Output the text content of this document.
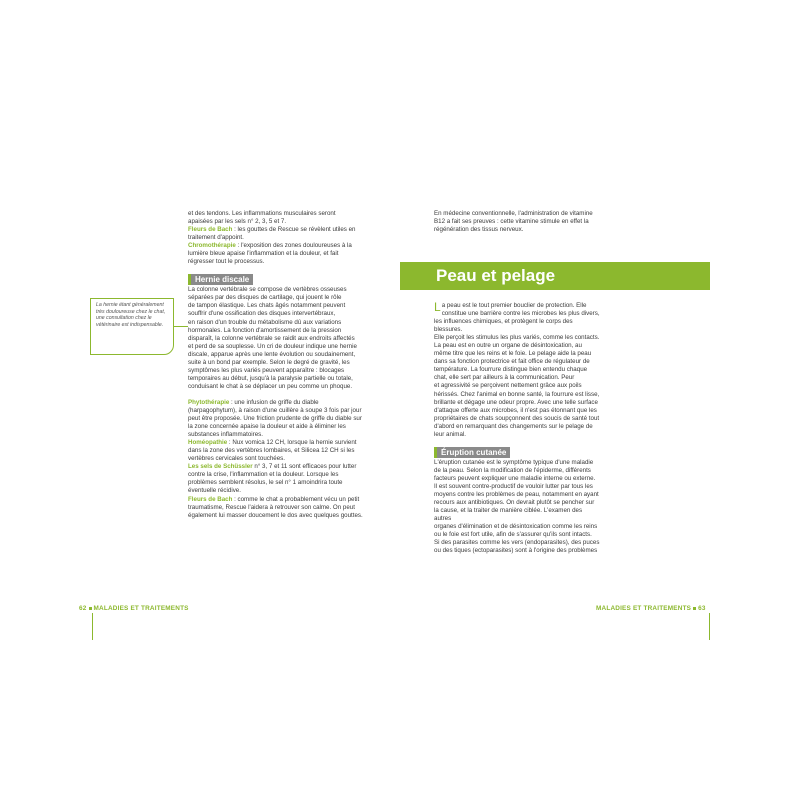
et des tendons. Les inflammations musculaires seront

apaisées par les sels n° 2, 3, 5 et 7.

Fleurs de Bach : les gouttes de Rescue se révèlent utiles en traitement d'appoint.

Chromothérapie : l'exposition des zones douloureuses à la lumière bleue apaise l'inflammation et la douleur, et fait régresser tout le processus.

Hernie discale

La colonne vertébrale se compose de vertèbres osseuses

séparées par des disques de cartilage, qui jouent le rôle

de tampon élastique. Les chats âgés notamment peuvent

souffrir d'une ossification des disques intervertébraux,

en raison d'un trouble du métabolisme dû aux variations

hormonales. La fonction d'amortissement de la pression

disparaît, la colonne vertébrale se raidit aux endroits affectés

et perd de sa souplesse. Un cri de douleur indique une hernie

discale, apparue après une lente évolution ou soudainement,

suite à un bond par exemple. Selon le degré de gravité, les

symptômes les plus variés peuvent apparaître : blocages

temporaires au début, jusqu'à la paralysie partielle ou totale,

conduisant le chat à se déplacer un peu comme un phoque.

Phytothérapie : une infusion de griffe du diable (harpagophytum), à raison d'une cuillère à soupe 3 fois par jour peut être proposée. Une friction prudente de griffe du diable sur la zone concernée apaise la douleur et aide à éliminer les substances inflammatoires.

Homéopathie : Nux vomica 12 CH, lorsque la hernie survient dans la zone des vertèbres lombaires, et Silicea 12 CH si les vertèbres cervicales sont touchées.

Les sels de Schüssler n° 3, 7 et 11 sont efficaces pour lutter contre la crise, l'inflammation et la douleur. Lorsque les problèmes semblent résolus, le sel n° 1 amoindrira toute éventuelle récidive.

Fleurs de Bach : comme le chat a probablement vécu un petit traumatisme, Rescue l'aidera à retrouver son calme. On peut également lui masser doucement le dos avec quelques gouttes.

La hernie étant généralement très douloureuse chez le chat, une consultation chez le vétérinaire est indispensable.

En médecine conventionnelle, l'administration de vitamine

B12 a fait ses preuves : cette vitamine stimule en effet la

régénération des tissus nerveux.

Peau et pelage

La peau est le tout premier bouclier de protection. Elle

constitue une barrière contre les microbes les plus divers,

les influences chimiques, et protègent le corps des blessures.

Elle perçoit les stimulus les plus variés, comme les contacts.

La peau est en outre un organe de désintoxication, au

même titre que les reins et le foie. Le pelage aide la peau

dans sa fonction protectrice et fait office de régulateur de

température. La fourrure distingue bien entendu chaque

chat, elle sert par ailleurs à la communication. Peur

et agressivité se perçoivent nettement grâce aux poils

hérissés. Chez l'animal en bonne santé, la fourrure est lisse,

brillante et dégage une odeur propre. Avec une telle surface

d'attaque offerte aux microbes, il n'est pas étonnant que les

propriétaires de chats soupçonnent des soucis de santé tout

d'abord en remarquant des changements sur le pelage de

leur animal.

Éruption cutanée

L'éruption cutanée est le symptôme typique d'une maladie

de la peau. Selon la modification de l'épiderme, différents

facteurs peuvent expliquer une maladie interne ou externe.

Il est souvent contre-productif de vouloir lutter par tous les

moyens contre les problèmes de peau, notamment en ayant

recours aux antibiotiques. On devrait plutôt se pencher sur

la cause, et la traiter de manière ciblée. L'examen des autres

organes d'élimination et de désintoxication comme les reins

ou le foie est fort utile, afin de s'assurer qu'ils sont intacts.

Si des parasites comme les vers (endoparasites), des puces

ou des tiques (ectoparasites) sont à l'origine des problèmes

62 MALADIES ET TRAITEMENTS	MALADIES ET TRAITEMENTS 63
